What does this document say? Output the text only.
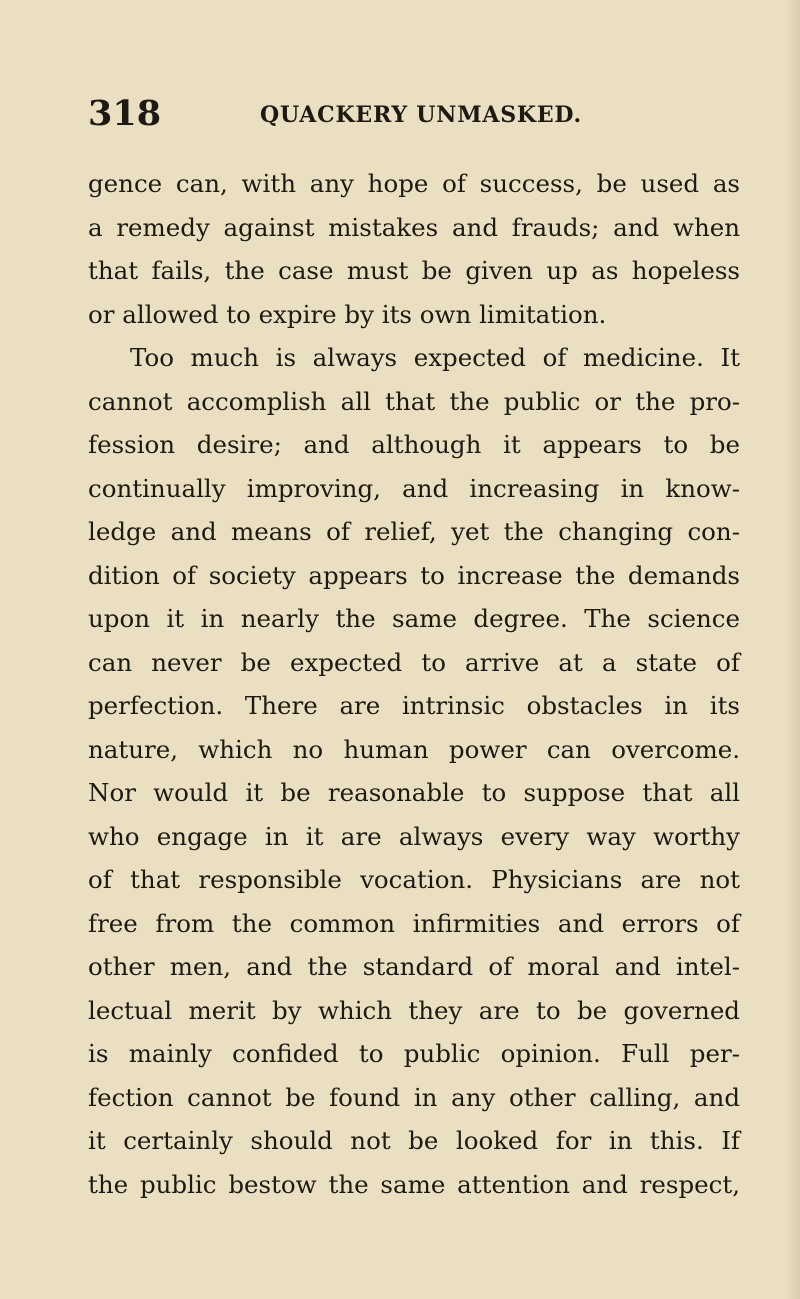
318	QUACKERY UNMASKED.
gence can, with any hope of success, be used as
a remedy against mistakes and frauds; and when
that fails, the case must be given up as hopeless
or allowed to expire by its own limitation.
Too much is always expected of medicine. It
cannot accomplish all that the public or the pro-
fession desire; and although it appears to be
continually improving, and increasing in know-
ledge and means of relief, yet the changing con-
dition of society appears to increase the demands
upon it in nearly the same degree. The science
can never be expected to arrive at a state of
perfection. There are intrinsic obstacles in its
nature, which no human power can overcome.
Nor would it be reasonable to suppose that all
who engage in it are always every way worthy
of that responsible vocation. Physicians are not
free from the common infirmities and errors of
other men, and the standard of moral and intel-
lectual merit by which they are to be governed
is mainly confided to public opinion. Full per-
fection cannot be found in any other calling, and
it certainly should not be looked for in this. If
the public bestow the same attention and respect,
